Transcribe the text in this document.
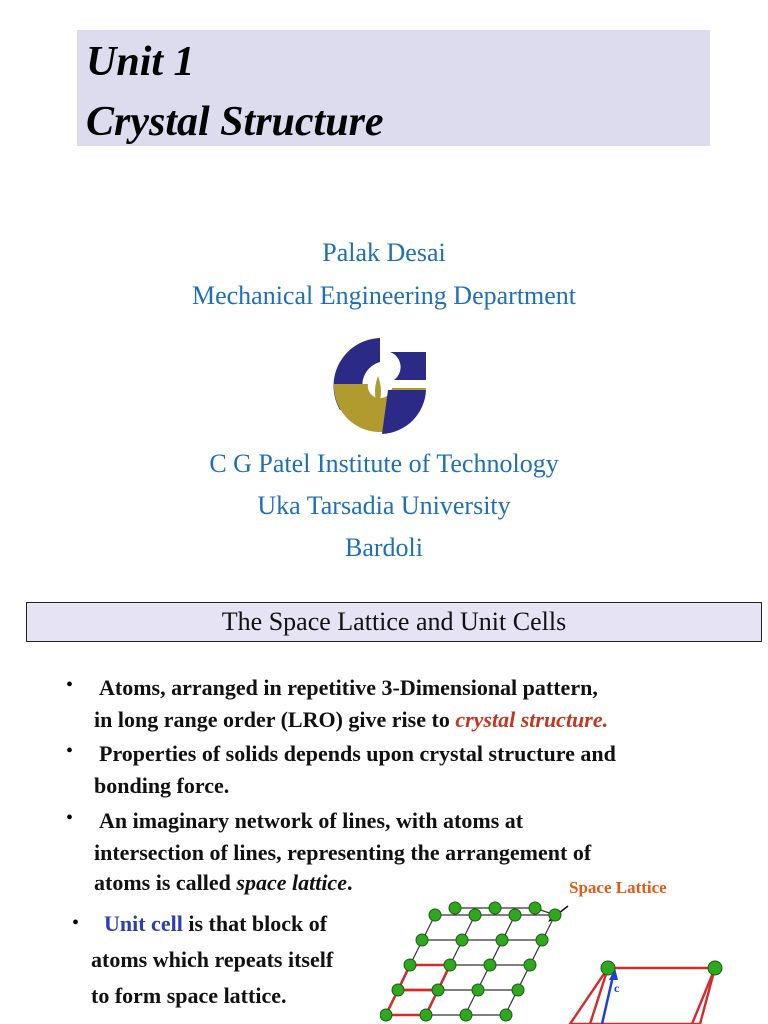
Unit 1

Crystal Structure

Palak Desai

Mechanical Engineering Department

C G Patel Institute of Technology

Uka Tarsadia University

Bardoli

The Space Lattice and Unit Cells
• Atoms, arranged in repetitive 3-Dimensional pattern,

in long range order (LRO) give rise to crystal structure.

• Properties of solids depends upon crystal structure and

bonding force.

• An imaginary network of lines, with atoms at

intersection of lines, representing the arrangement of

atoms is called space lattice.

• Unit cell is that block of

atoms which repeats itself

to form space lattice.

Space Lattice
c
